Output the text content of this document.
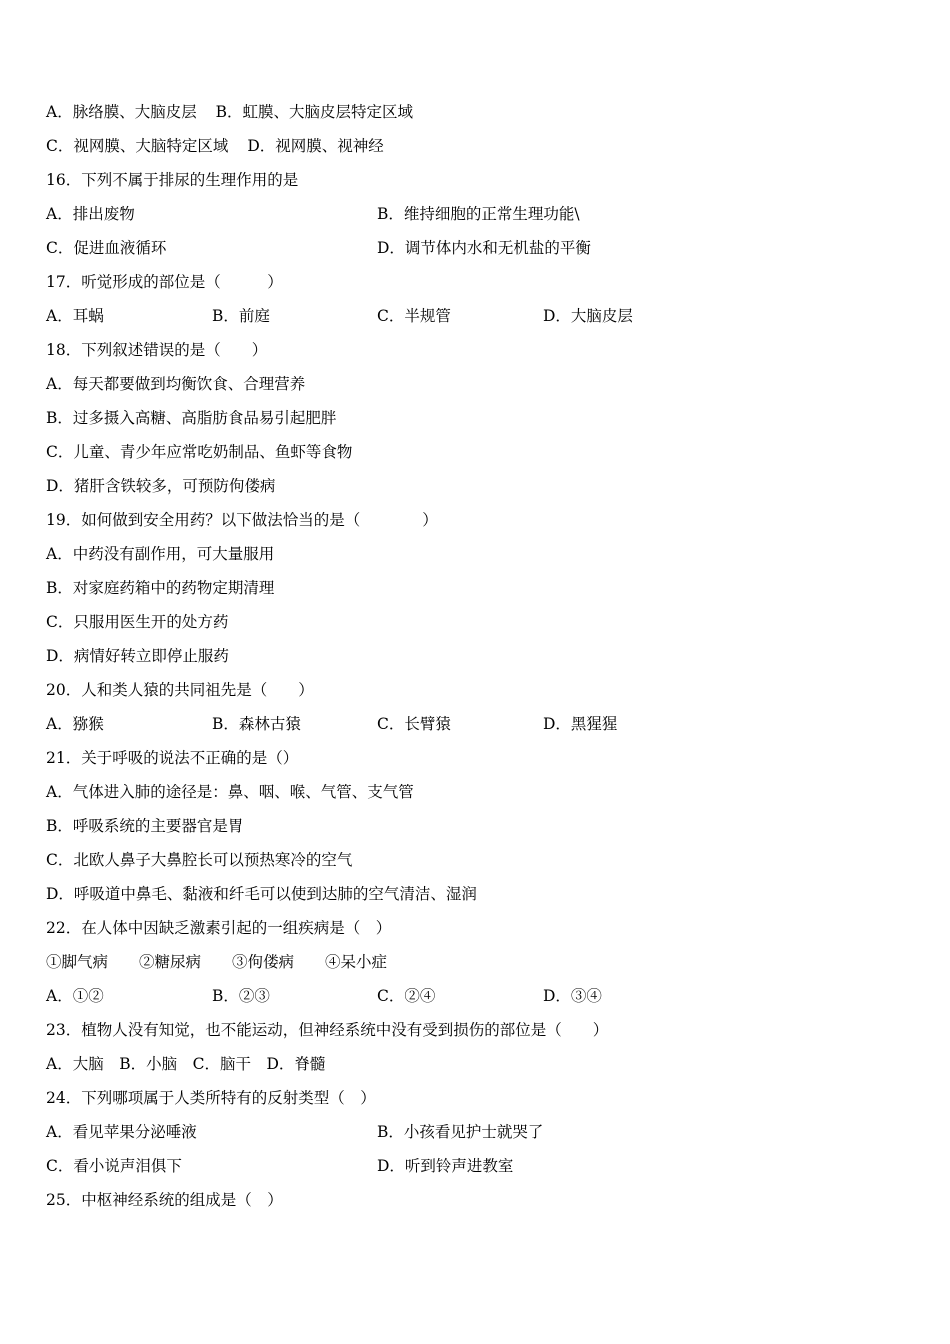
A．脉络膜、大脑皮层 B．虹膜、大脑皮层特定区域
C．视网膜、大脑特定区域 D．视网膜、视神经
16．下列不属于排尿的生理作用的是
A．排出废物	B．维持细胞的正常生理功能\
C．促进血液循环	D．调节体内水和无机盐的平衡
17．听觉形成的部位是（　　　）
A．耳蜗	B．前庭	C．半规管	D．大脑皮层
18．下列叙述错误的是（　　）
A．每天都要做到均衡饮食、合理营养
B．过多摄入高糖、高脂肪食品易引起肥胖
C．儿童、青少年应常吃奶制品、鱼虾等食物
D．猪肝含铁较多，可预防佝偻病
19．如何做到安全用药？以下做法恰当的是（　　　　）
A．中药没有副作用，可大量服用
B．对家庭药箱中的药物定期清理
C．只服用医生开的处方药
D．病情好转立即停止服药
20．人和类人猿的共同祖先是（　　）
A．猕猴	B．森林古猿	C．长臂猿	D．黑猩猩
21．关于呼吸的说法不正确的是（）
A．气体进入肺的途径是：鼻、咽、喉、气管、支气管
B．呼吸系统的主要器官是胃
C．北欧人鼻子大鼻腔长可以预热寒冷的空气
D．呼吸道中鼻毛、黏液和纤毛可以使到达肺的空气清洁、湿润
22．在人体中因缺乏激素引起的一组疾病是（　）
①脚气病　　②糖尿病　　③佝偻病　　④呆小症
A．①②	B．②③	C．②④	D．③④
23．植物人没有知觉，也不能运动，但神经系统中没有受到损伤的部位是（　　）
A．大脑　B．小脑　C．脑干　D．脊髓
24．下列哪项属于人类所特有的反射类型（　）
A．看见苹果分泌唾液	B．小孩看见护士就哭了
C．看小说声泪俱下	D．听到铃声进教室
25．中枢神经系统的组成是（　）
